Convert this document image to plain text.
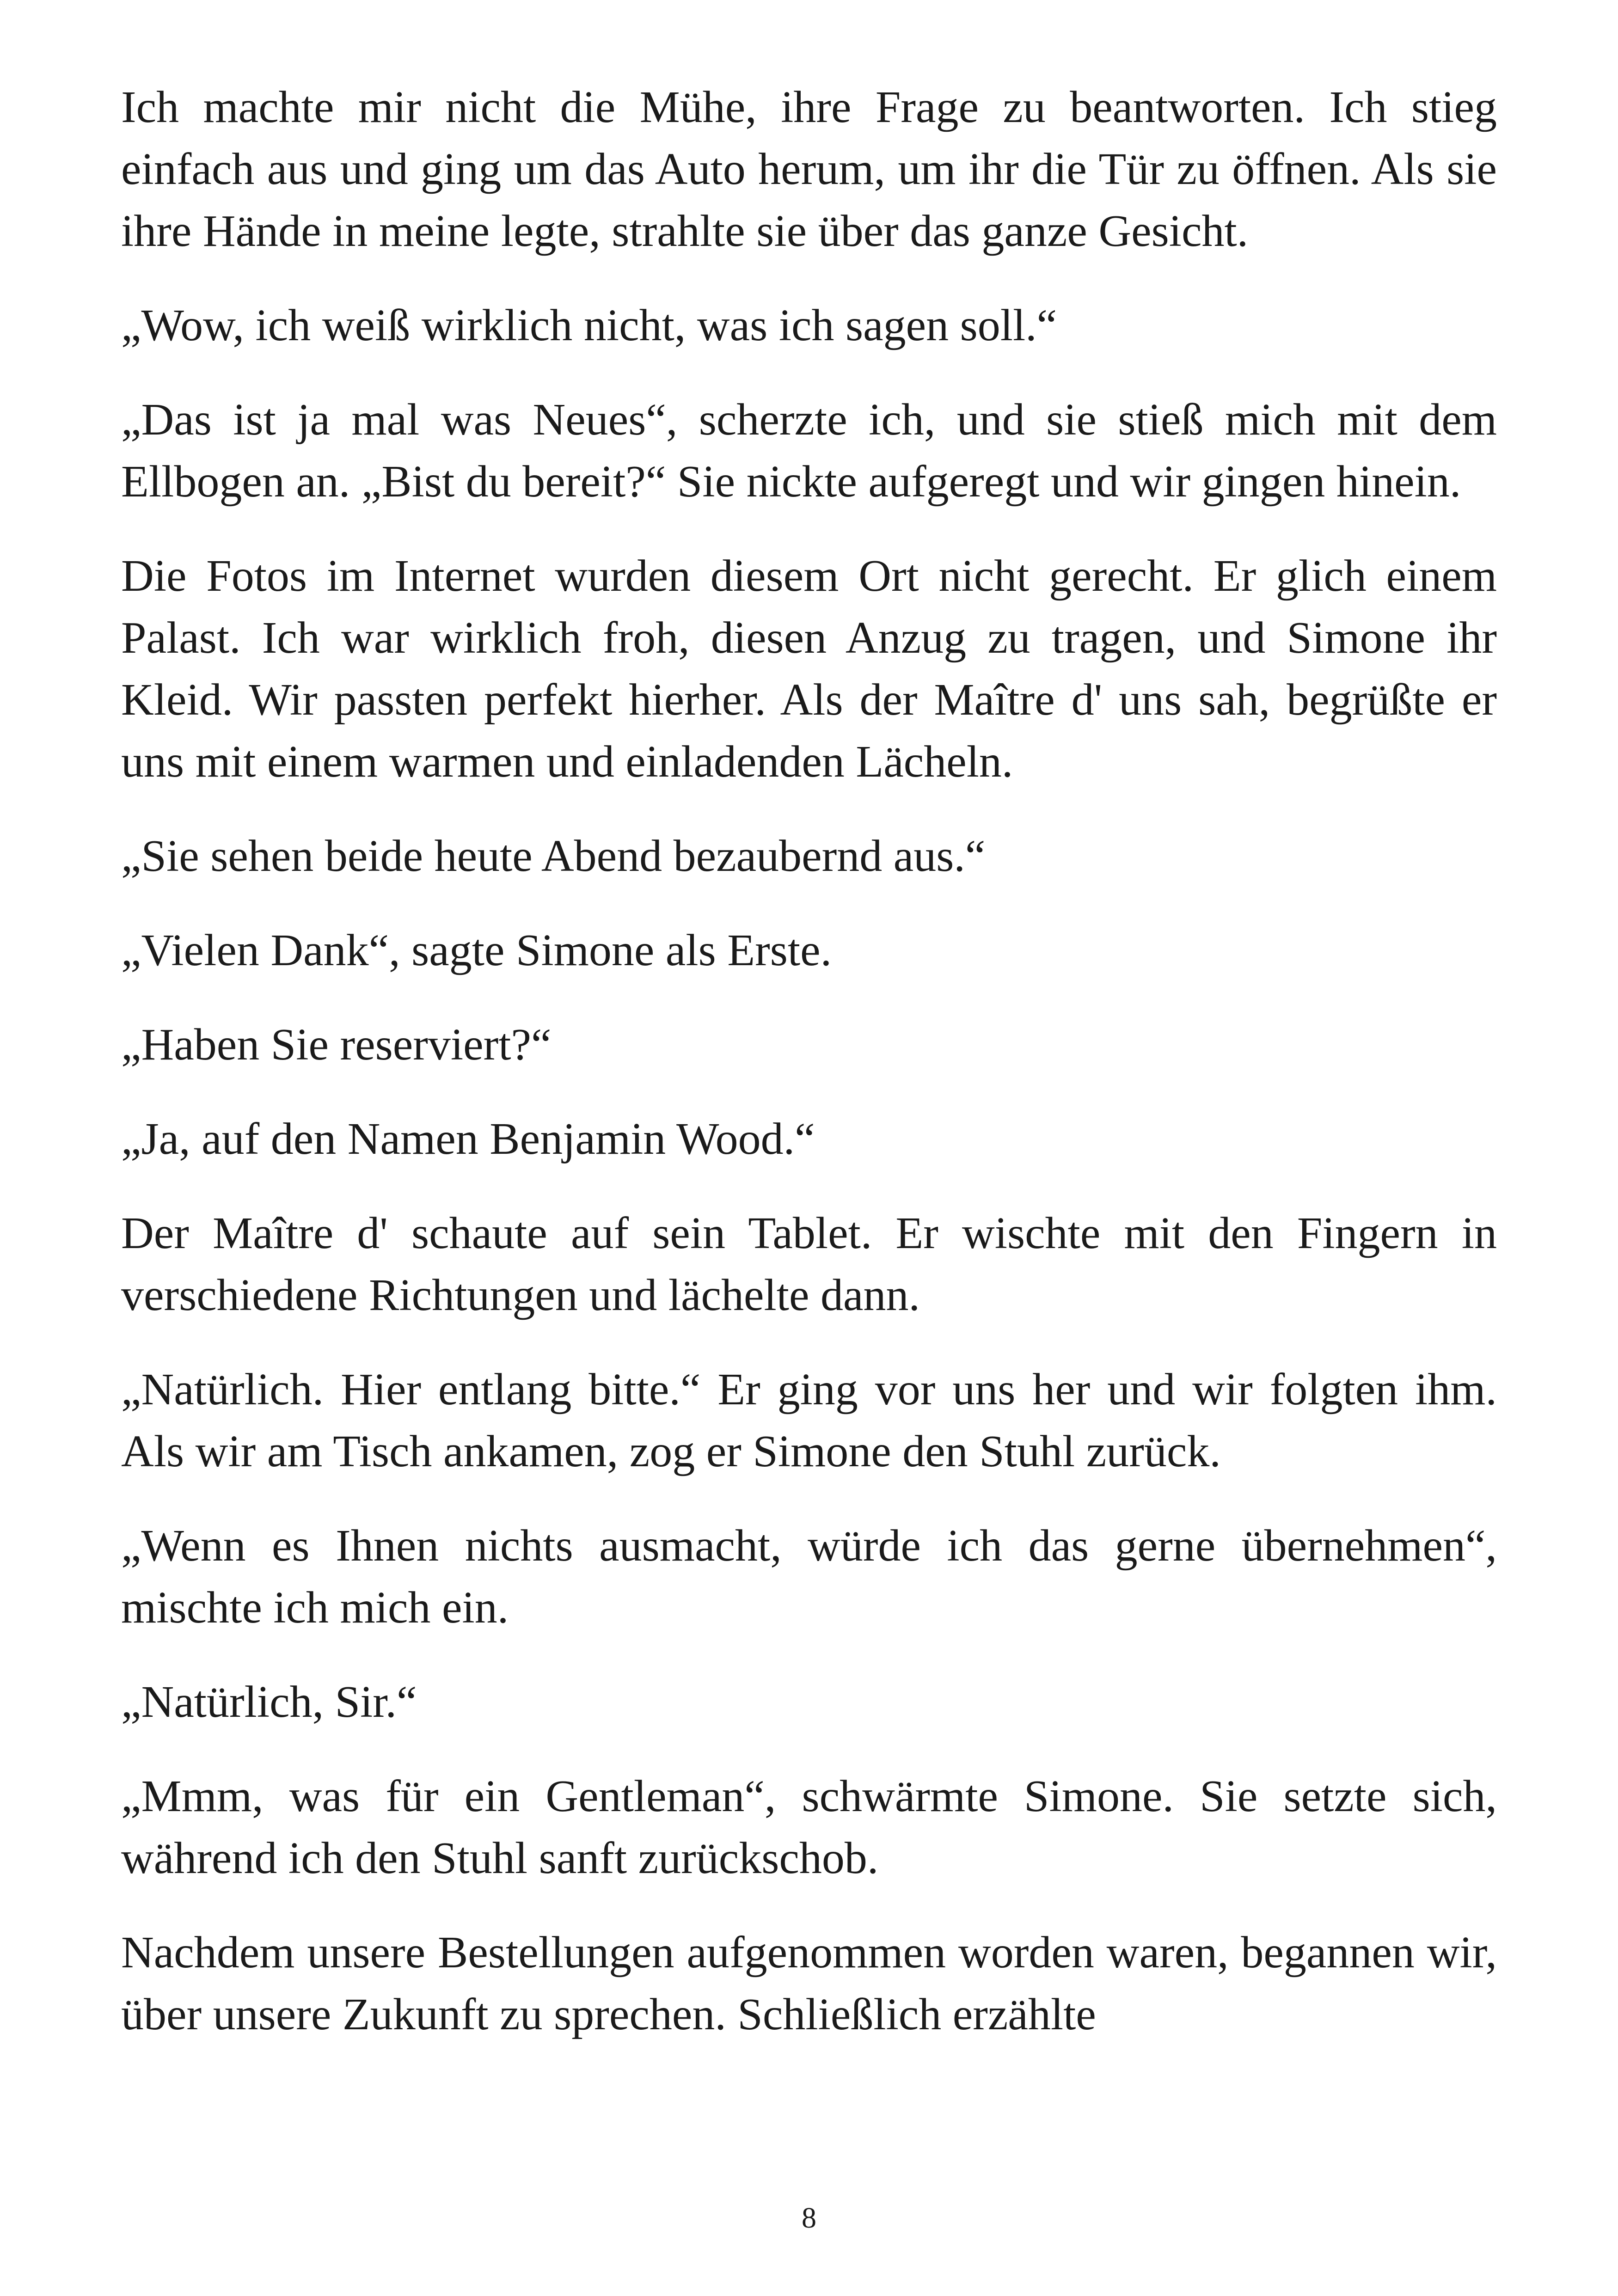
Ich machte mir nicht die Mühe, ihre Frage zu beantworten. Ich stieg einfach aus und ging um das Auto herum, um ihr die Tür zu öffnen. Als sie ihre Hände in meine legte, strahlte sie über das ganze Gesicht.

„Wow, ich weiß wirklich nicht, was ich sagen soll.“

„Das ist ja mal was Neues“, scherzte ich, und sie stieß mich mit dem Ellbogen an. „Bist du bereit?“ Sie nickte aufgeregt und wir gingen hinein.

Die Fotos im Internet wurden diesem Ort nicht gerecht. Er glich einem Palast. Ich war wirklich froh, diesen Anzug zu tragen, und Simone ihr Kleid. Wir passten perfekt hierher. Als der Maître d' uns sah, begrüßte er uns mit einem warmen und einladenden Lächeln.

„Sie sehen beide heute Abend bezaubernd aus.“

„Vielen Dank“, sagte Simone als Erste.

„Haben Sie reserviert?“

„Ja, auf den Namen Benjamin Wood.“

Der Maître d' schaute auf sein Tablet. Er wischte mit den Fingern in verschiedene Richtungen und lächelte dann.

„Natürlich. Hier entlang bitte.“ Er ging vor uns her und wir folgten ihm. Als wir am Tisch ankamen, zog er Simone den Stuhl zurück.

„Wenn es Ihnen nichts ausmacht, würde ich das gerne übernehmen“, mischte ich mich ein.

„Natürlich, Sir.“

„Mmm, was für ein Gentleman“, schwärmte Simone. Sie setzte sich, während ich den Stuhl sanft zurückschob.

Nachdem unsere Bestellungen aufgenommen worden waren, begannen wir, über unsere Zukunft zu sprechen. Schließlich erzählte

8
